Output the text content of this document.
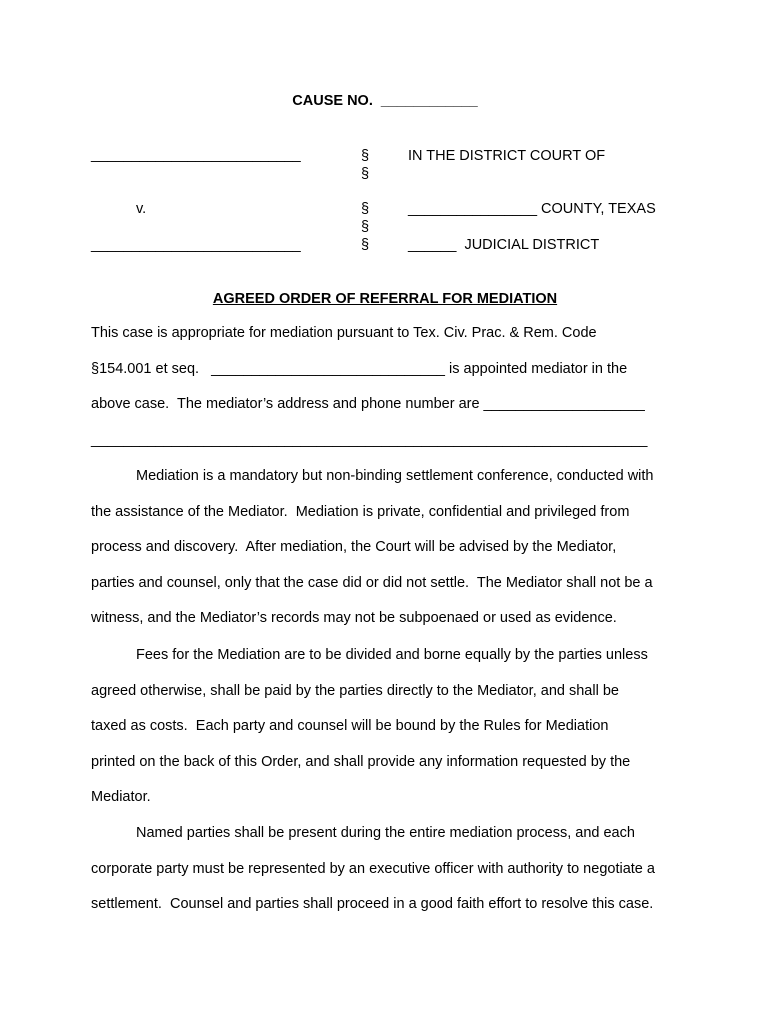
CAUSE NO.  ____________
__________________________
v.
__________________________
§
§
§
§
§
IN THE DISTRICT COURT OF
________________ COUNTY, TEXAS
______  JUDICIAL DISTRICT
AGREED ORDER OF REFERRAL FOR MEDIATION
This case is appropriate for mediation pursuant to Tex. Civ. Prac. & Rem. Code
§154.001 et seq.   _____________________________ is appointed mediator in the
above case.  The mediator’s address and phone number are ____________________
_____________________________________________________________________
Mediation is a mandatory but non-binding settlement conference, conducted with
the assistance of the Mediator.  Mediation is private, confidential and privileged from
process and discovery.  After mediation, the Court will be advised by the Mediator,
parties and counsel, only that the case did or did not settle.  The Mediator shall not be a
witness, and the Mediator’s records may not be subpoenaed or used as evidence.
Fees for the Mediation are to be divided and borne equally by the parties unless
agreed otherwise, shall be paid by the parties directly to the Mediator, and shall be
taxed as costs.  Each party and counsel will be bound by the Rules for Mediation
printed on the back of this Order, and shall provide any information requested by the
Mediator.
Named parties shall be present during the entire mediation process, and each
corporate party must be represented by an executive officer with authority to negotiate a
settlement.  Counsel and parties shall proceed in a good faith effort to resolve this case.
